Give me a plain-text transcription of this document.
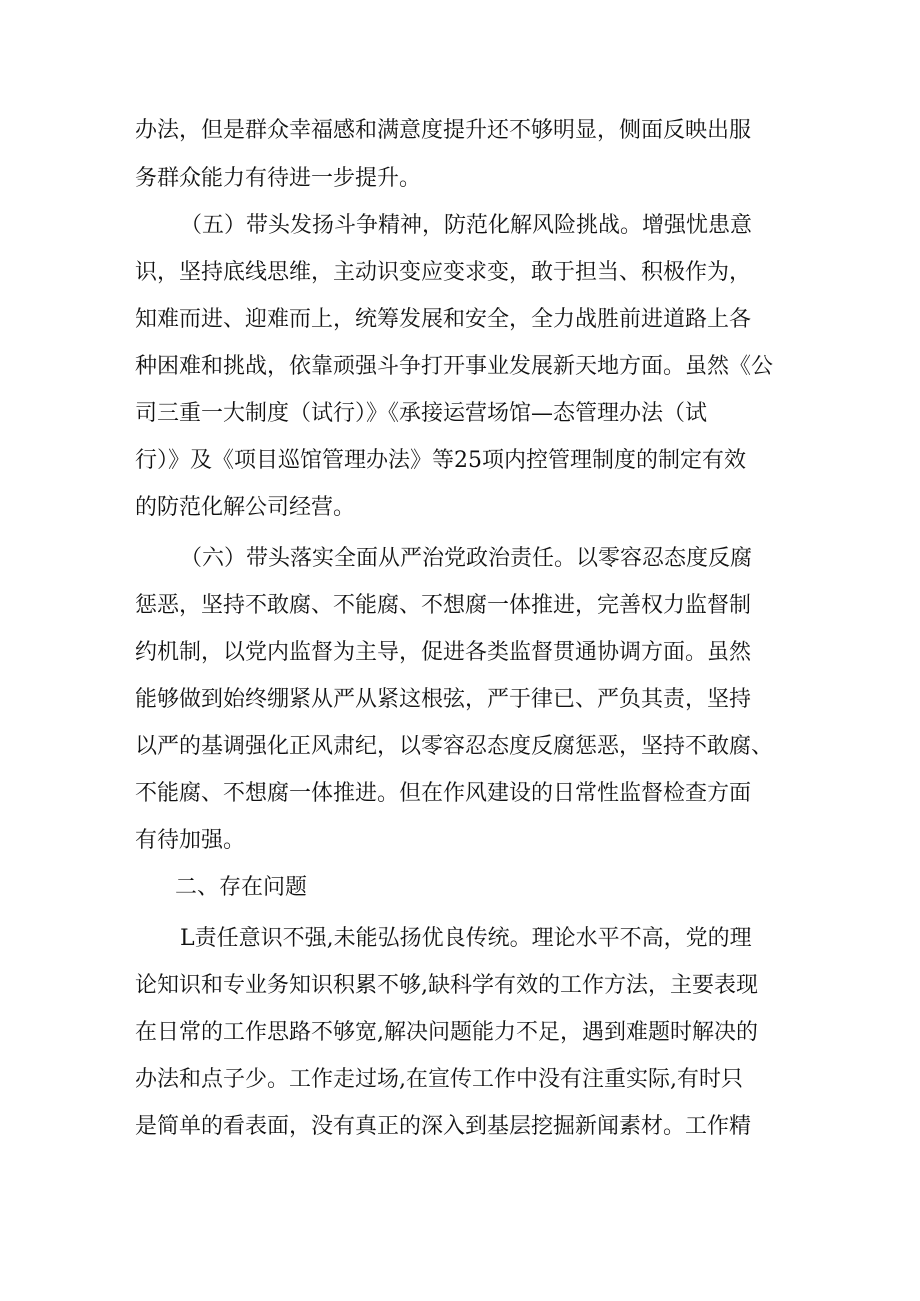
办法，但是群众幸福感和满意度提升还不够明显，侧面反映出服
务群众能力有待进一步提升。
（五）带头发扬斗争精神，防范化解风险挑战。增强忧患意
识，坚持底线思维，主动识变应变求变，敢于担当、积极作为，
知难而进、迎难而上，统筹发展和安全，全力战胜前进道路上各
种困难和挑战，依靠顽强斗争打开事业发展新天地方面。虽然《公
司三重一大制度（试行）》《承接运营场馆—态管理办法（试
行）》及《项目巡馆管理办法》等25项内控管理制度的制定有效
的防范化解公司经营。
（六）带头落实全面从严治党政治责任。以零容忍态度反腐
惩恶，坚持不敢腐、不能腐、不想腐一体推进，完善权力监督制
约机制，以党内监督为主导，促进各类监督贯通协调方面。虽然
能够做到始终绷紧从严从紧这根弦，严于律已、严负其责，坚持
以严的基调强化正风肃纪，以零容忍态度反腐惩恶，坚持不敢腐、
不能腐、不想腐一体推进。但在作风建设的日常性监督检查方面
有待加强。
二、存在问题
L责任意识不强,未能弘扬优良传统。理论水平不高，党的理
论知识和专业务知识积累不够,缺科学有效的工作方法，主要表现
在日常的工作思路不够宽,解决问题能力不足，遇到难题时解决的
办法和点子少。工作走过场,在宣传工作中没有注重实际,有时只
是简单的看表面，没有真正的深入到基层挖掘新闻素材。工作精
